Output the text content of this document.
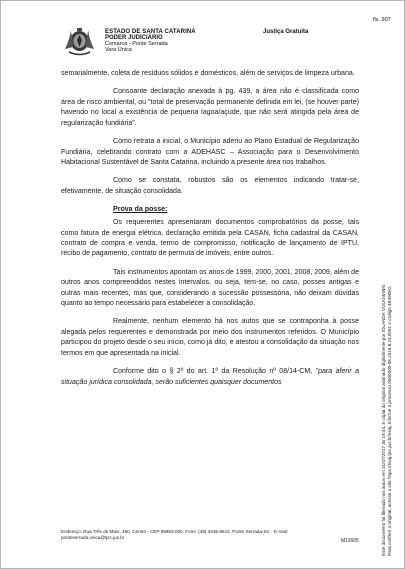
fls. 907
ESTADO DE SANTA CATARINA
PODER JUDICIÁRIO
Comarca - Ponte Serrada
Vara Única
Justiça Gratuita

semanalmente, coleta de resíduos sólidos e domésticos, além de serviços de limpeza urbana.

Consoante declaração anexada à pg. 439, a área não é classificada como área de risco ambiental, ou "total de preservação permanente definida em lei, (se houver parte) havendo no local a existência de pequena lagoa/açude, que não será atingida pela área de regularização fundiária".

Como retrata a inicial, o Município aderiu ao Plano Estadual de Regularização Fundiária, celebrando contrato com a ADEHASC – Associação para o Desenvolvimento Habitacional Sustentável de Santa Catarina, incluindo a presente área nos trabalhos.

Como se constata, robustos são os elementos indicando tratar-se, efetivamente, de situação consolidada.

Prova da posse:

Os requerentes apresentaram documentos comprobatórios da posse, tais como fatura de energia elétrica, declaração emitida pela CASAN, ficha cadastral da CASAN, contrato de compra e venda, termo de compromisso, notificação de lançamento de IPTU, recibo de pagamento, contrato de permuta de imóveis, entre outros.

Tais instrumentos apontam os anos de 1999, 2000, 2001, 2008, 2009, além de outros anos compreendidos nestes intervalos, ou seja, tem-se, no caso, posses antigas e outras mais recentes, mas que, considerando a sucessão possessória, não deixam dúvidas quanto ao tempo necessário para estabelecer a consolidação.

Realmente, nenhum elemento há nos autos que se contraponha à posse alegada pelos requerentes e demonstrada por meio dos instrumentos referidos. O Município participou do projeto desde o seu início, como já dito, e atestou a consolidação da situação nos termos em que apresentada na inicial.

Conforme dito o § 2º do art. 1º da Resolução nº 08/14-CM, "para aferir a situação jurídica consolidada, serão suficientes quaisquer documentos

Endereço: Rua Três de Maio, 460, Centro - CEP 89683-000, Fone: (49) 3435-6512, Ponte Serrada-SC - E-mail: ponteserrada.unica@tjsc.jus.br
M11605	Este documento foi liberado nos autos em 31/07/2017 às 19:44, é cópia do original assinado digitalmente por IOLANDA VOLKMANN. Para conferir o original, acesse o site https://esaj.tjsc.jus.br/esaj, informe o processo 0000000-06.2016.8.24.0051 e código 4B490E0.
